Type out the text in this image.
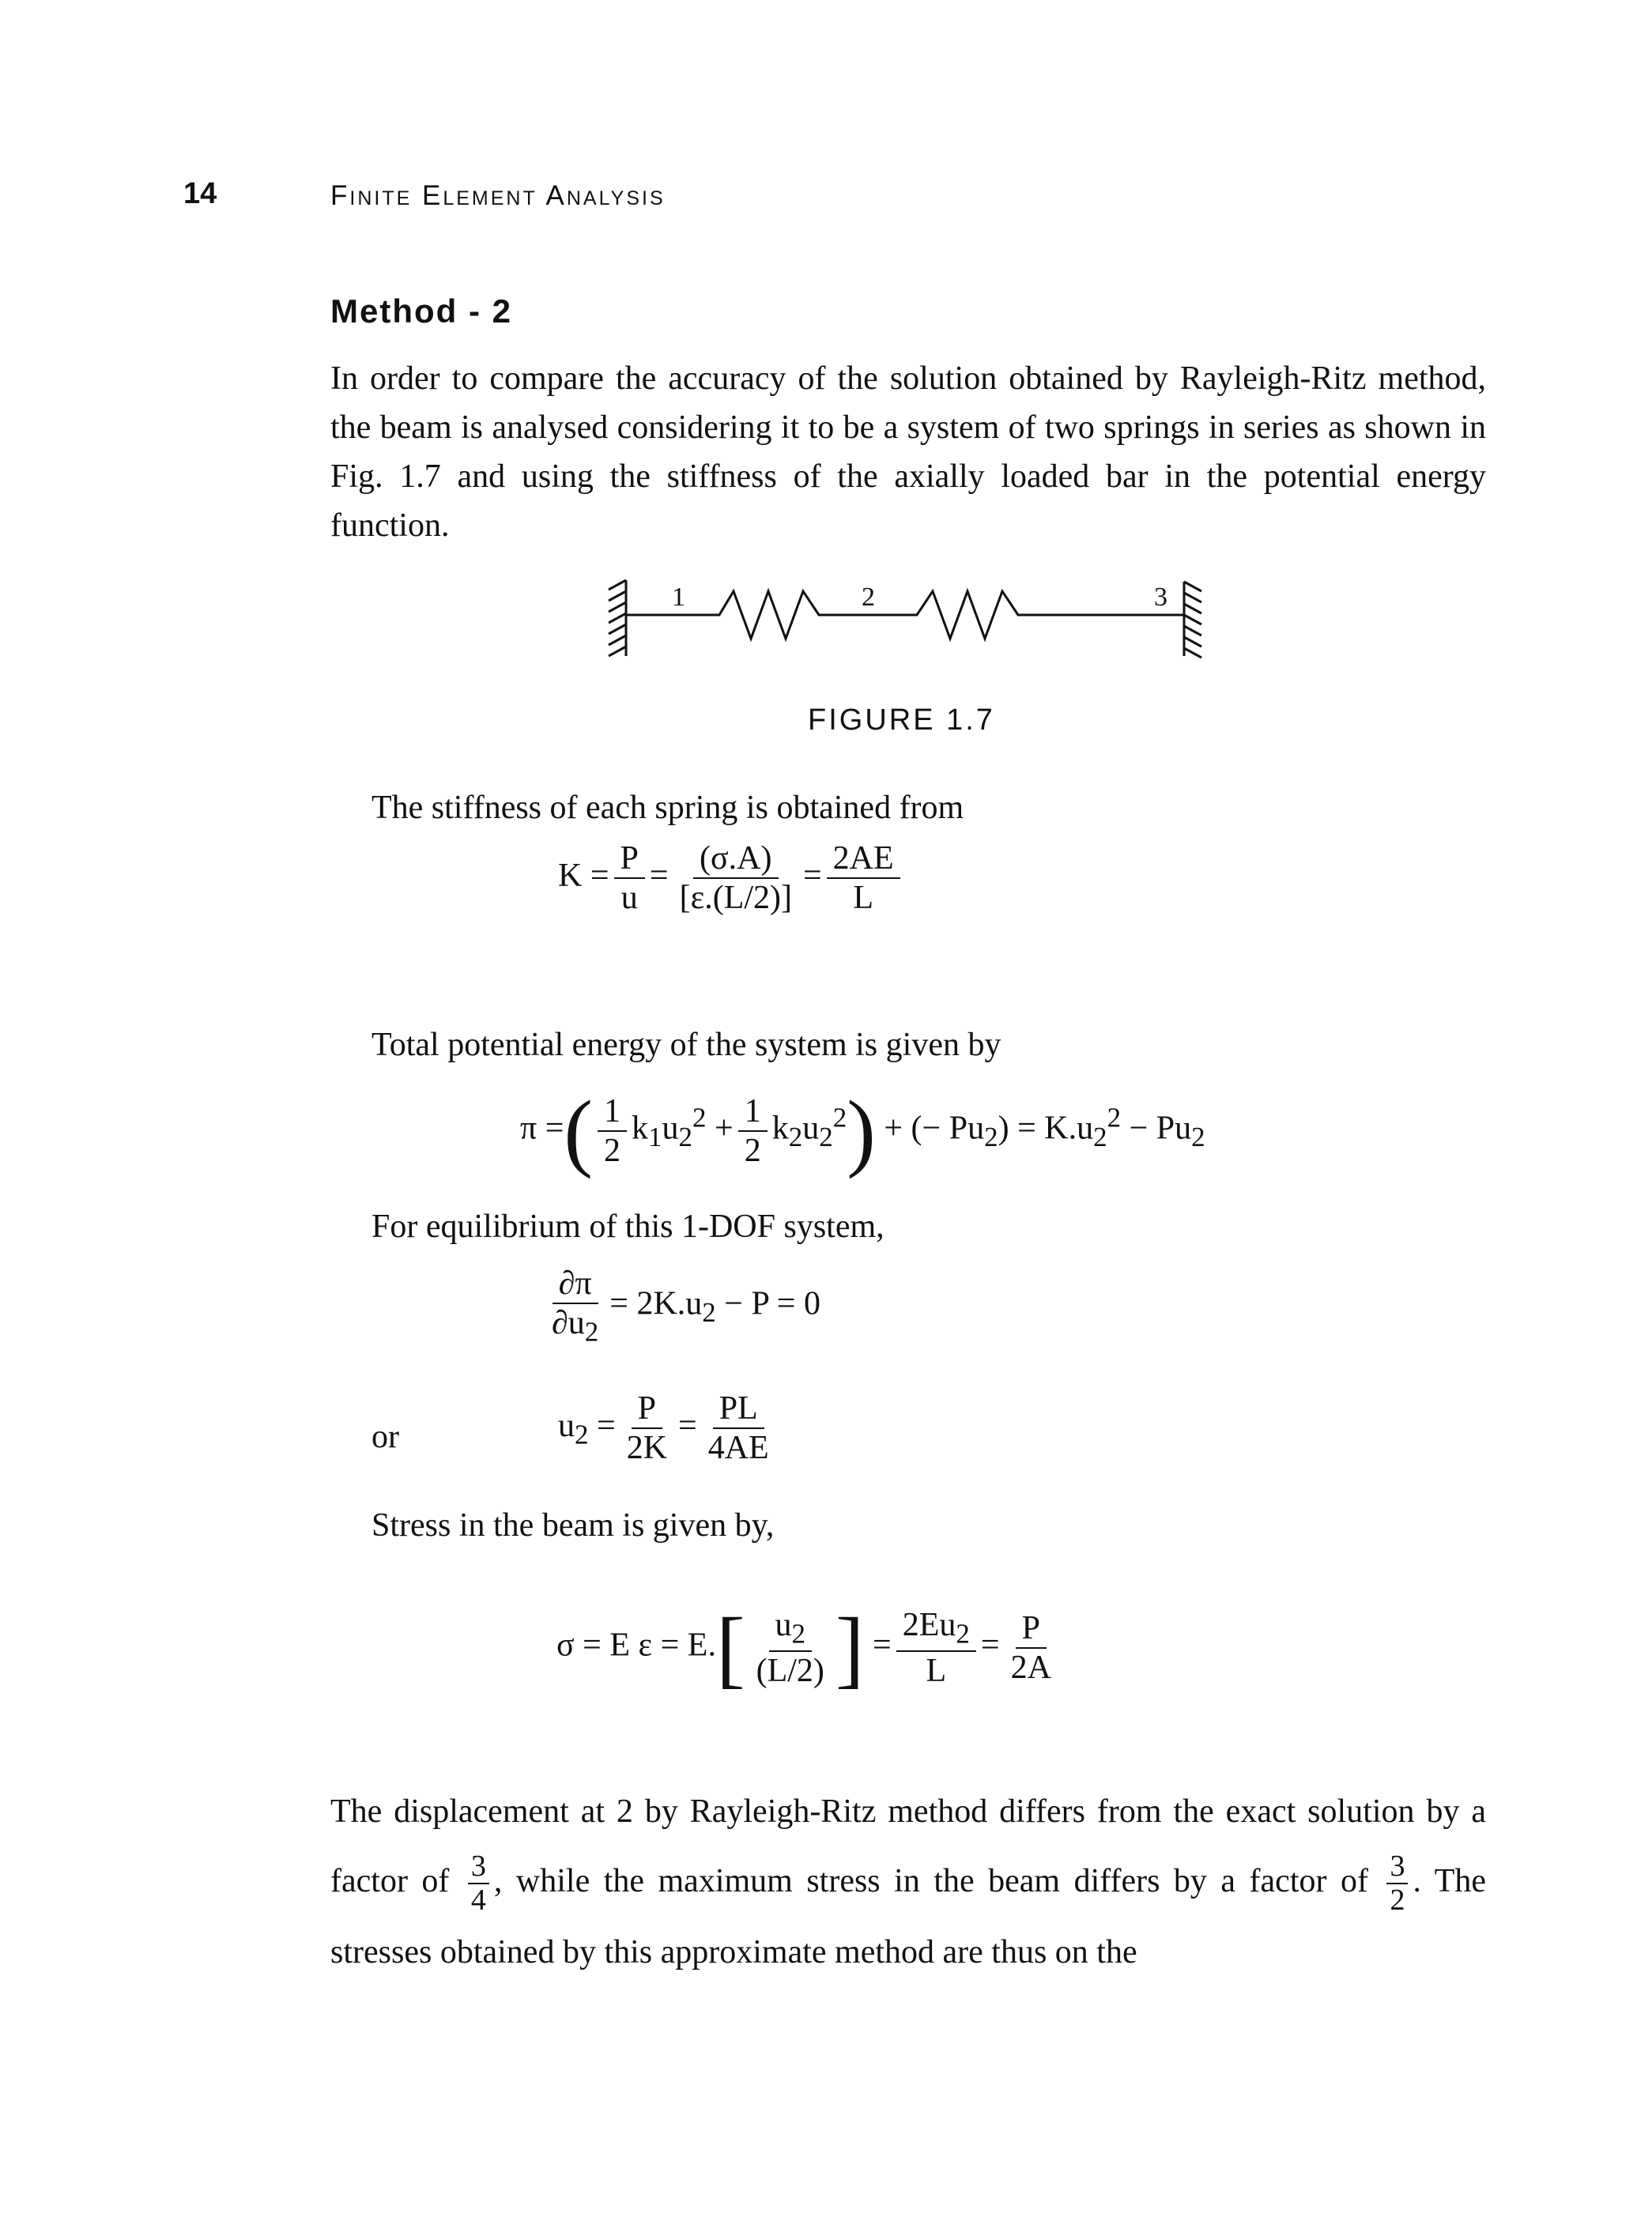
14	Finite Element Analysis
Method - 2
In order to compare the accuracy of the solution obtained by Rayleigh-Ritz method, the beam is analysed considering it to be a system of two springs in series as shown in Fig. 1.7 and using the stiffness of the axially loaded bar in the potential energy function.
1	2	3
FIGURE 1.7
The stiffness of each spring is obtained from
$K = \frac{P}{u} = \frac{(\sigma.A)}{[\varepsilon.(L/2)]} = \frac{2AE}{L}$
Total potential energy of the system is given by
π =( $\frac{1}{2} k_1u_2^2 + \frac{1}{2} k_2u_2^2$) + (− $Pu_2) = K.u_2^2 - Pu_2$
For equilibrium of this 1-DOF system,
$\frac{\partial\pi}{\partial u_2} = 2K.u_2 - P = 0$
or	$u_2 = \frac{P}{2K} = \frac{PL}{4AE}$
Stress in the beam is given by,
σ = E $\varepsilon = E.[ \frac{u_2}{(L/2)}$ ] = $\frac{2Eu_2}{L} = \frac{P}{2A}$
The displacement at 2 by Rayleigh-Ritz method differs from the exact solution by a factor of $\frac{3}{4}$ , while the maximum stress in the beam differs by a factor of $\frac{3}{2}$ . The stresses obtained by this approximate method are thus on the
